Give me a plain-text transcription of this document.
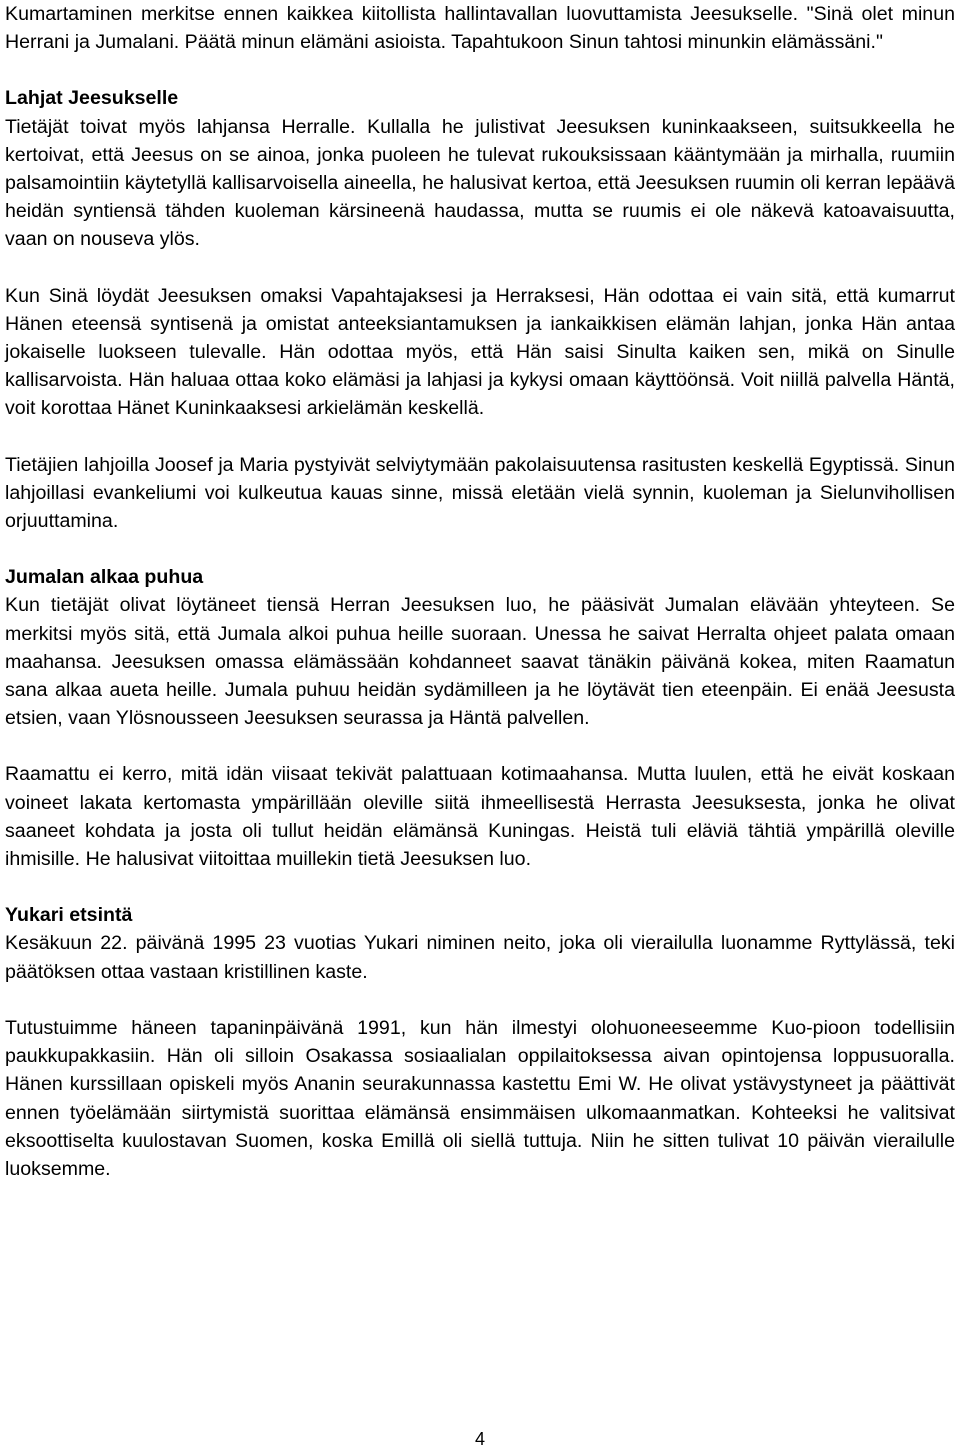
Kumartaminen merkitse ennen kaikkea kiitollista hallintavallan luovuttamista Jeesukselle. "Sinä olet minun Herrani ja Jumalani. Päätä minun elämäni asioista. Tapahtukoon Sinun tahtosi minunkin elämässäni."

Lahjat Jeesukselle

Tietäjät toivat myös lahjansa Herralle. Kullalla he julistivat Jeesuksen kuninkaakseen, suitsukkeella he kertoivat, että Jeesus on se ainoa, jonka puoleen he tulevat rukouksissaan kääntymään ja mirhalla, ruumiin palsamointiin käytetyllä kallisarvoisella aineella, he halusivat kertoa, että Jeesuksen ruumin oli kerran lepäävä heidän syntiensä tähden kuoleman kärsineenä haudassa, mutta se ruumis ei ole näkevä katoavaisuutta, vaan on nouseva ylös.

Kun Sinä löydät Jeesuksen omaksi Vapahtajaksesi ja Herraksesi, Hän odottaa ei vain sitä, että kumarrut Hänen eteensä syntisenä ja omistat anteeksiantamuksen ja iankaikkisen elämän lahjan, jonka Hän antaa jokaiselle luokseen tulevalle. Hän odottaa myös, että Hän saisi Sinulta kaiken sen, mikä on Sinulle kallisarvoista. Hän haluaa ottaa koko elämäsi ja lahjasi ja kykysi omaan käyttöönsä. Voit niillä palvella Häntä, voit korottaa Hänet Kuninkaaksesi arkielämän keskellä.

Tietäjien lahjoilla Joosef ja Maria pystyivät selviytymään pakolaisuutensa rasitusten keskellä Egyptissä. Sinun lahjoillasi evankeliumi voi kulkeutua kauas sinne, missä eletään vielä synnin, kuoleman ja Sielunvihollisen orjuuttamina.

Jumalan alkaa puhua

Kun tietäjät olivat löytäneet tiensä Herran Jeesuksen luo, he pääsivät Jumalan elävään yhteyteen. Se merkitsi myös sitä, että Jumala alkoi puhua heille suoraan. Unessa he saivat Herralta ohjeet palata omaan maahansa. Jeesuksen omassa elämässään kohdanneet saavat tänäkin päivänä kokea, miten Raamatun sana alkaa aueta heille. Jumala puhuu heidän sydämilleen ja he löytävät tien eteenpäin. Ei enää Jeesusta etsien, vaan Ylösnousseen Jeesuksen seurassa ja Häntä palvellen.

Raamattu ei kerro, mitä idän viisaat tekivät palattuaan kotimaahansa. Mutta luulen, että he eivät koskaan voineet lakata kertomasta ympärillään oleville siitä ihmeellisestä Herrasta Jeesuksesta, jonka he olivat saaneet kohdata ja josta oli tullut heidän elämänsä Kuningas. Heistä tuli eläviä tähtiä ympärillä oleville ihmisille. He halusivat viitoittaa muillekin tietä Jeesuksen luo.

Yukari etsintä

Kesäkuun 22. päivänä 1995 23 vuotias Yukari niminen neito, joka oli vierailulla luonamme Ryttylässä, teki päätöksen ottaa vastaan kristillinen kaste.

Tutustuimme häneen tapaninpäivänä 1991, kun hän ilmestyi olohuoneeseemme Kuo-pioon todellisiin paukkupakkasiin. Hän oli silloin Osakassa sosiaalialan oppilaitoksessa aivan opintojensa loppusuoralla. Hänen kurssillaan opiskeli myös Ananin seurakunnassa kastettu Emi W. He olivat ystävystyneet ja päättivät ennen työelämään siirtymistä suorittaa elämänsä ensimmäisen ulkomaanmatkan. Kohteeksi he valitsivat eksoottiselta kuulostavan Suomen, koska Emillä oli siellä tuttuja. Niin he sitten tulivat 10 päivän vierailulle luoksemme.

4
